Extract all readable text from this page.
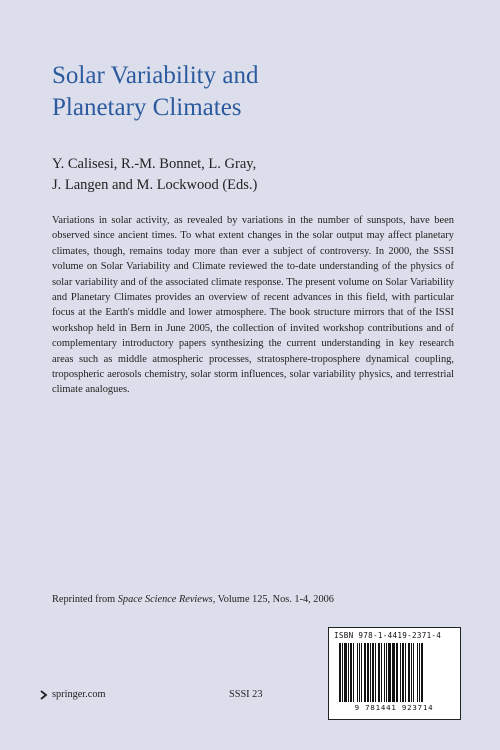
Solar Variability and
Planetary Climates
Y. Calisesi, R.-M. Bonnet, L. Gray,
J. Langen and M. Lockwood (Eds.)

Variations in solar activity, as revealed by variations in the number of sunspots, have been observed since ancient times. To what extent changes in the solar output may affect planetary climates, though, remains today more than ever a subject of controversy. In 2000, the SSSI volume on Solar Variability and Climate reviewed the to-date understanding of the physics of solar variability and of the associated climate response. The present volume on Solar Variability and Planetary Climates provides an overview of recent advances in this field, with particular focus at the Earth's middle and lower atmosphere. The book structure mirrors that of the ISSI workshop held in Bern in June 2005, the collection of invited workshop contributions and of complementary introductory papers synthesizing the current understanding in key research areas such as middle atmospheric processes, stratosphere-troposphere dynamical coupling, tropospheric aerosols chemistry, solar storm influences, solar variability physics, and terrestrial climate analogues.

Reprinted from Space Science Reviews, Volume 125, Nos. 1-4, 2006
ISBN 978-1-4419-2371-4
9 781441 923714
springer.com	SSSI 23
